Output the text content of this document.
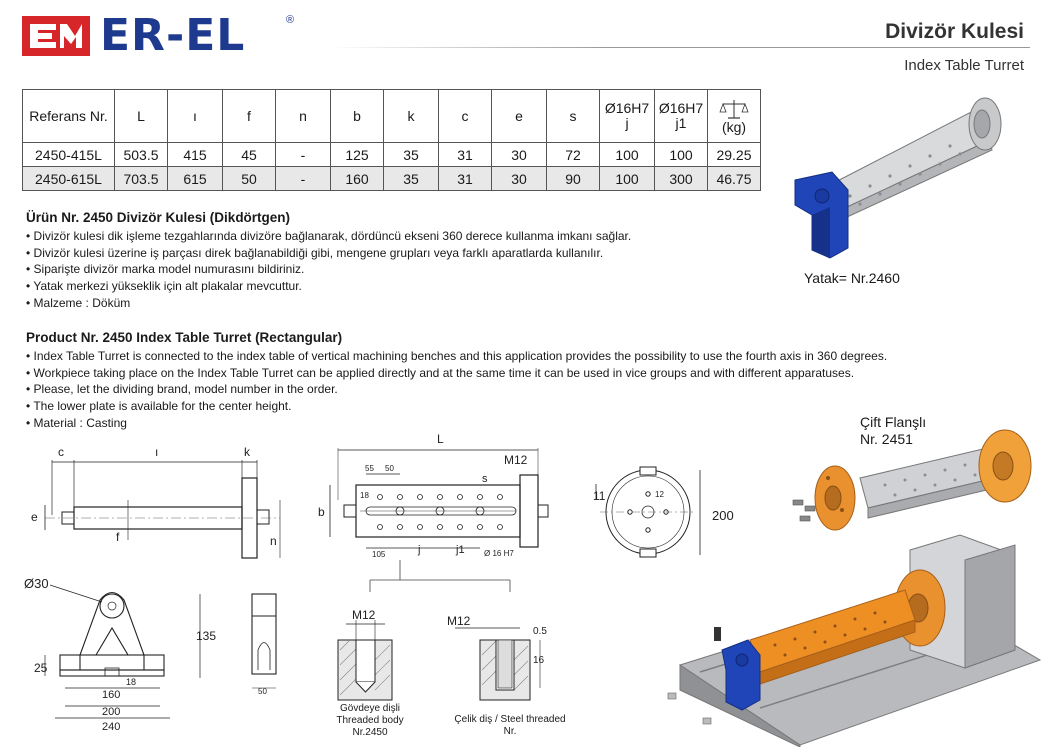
ER-EL	®	Divizör Kulesi
Index Table Turret
Referans Nr.	L	ı	f	n	b	k	c	e	s	Ø16H7 j	Ø16H7 j1	(kg)
2450-415L	503.5	415	45	-	125	35	31	30	72	100	100	29.25
2450-615L	703.5	615	50	-	160	35	31	30	90	100	300	46.75
Ürün Nr. 2450 Divizör Kulesi (Dikdörtgen)
• Divizör kulesi dik işleme tezgahlarında divizöre bağlanarak, dördüncü ekseni 360 derece kullanma imkanı sağlar.
• Divizör kulesi üzerine iş parçası direk bağlanabildiği gibi, mengene grupları veya farklı aparatlarda kullanılır.
• Siparişte divizör marka model numurasını bildiriniz.
• Yatak merkezi yükseklik için alt plakalar mevcuttur.
• Malzeme : Döküm
Product Nr. 2450 Index Table Turret (Rectangular)
• Index Table Turret is connected to the index table of vertical machining benches and this application provides the possibility to use the fourth axis in 360 degrees.
• Workpiece taking place on the Index Table Turret can be applied directly and at the same time it can be used in vice groups and with different apparatuses.
• Please, let the dividing brand, model number in the order.
• The lower plate is available for the center height.
• Material : Casting
Yatak= Nr.2460
Çift Flanşlı
Nr. 2451
Gövdeye dişli
Threaded body
Nr.2450
Çelik diş / Steel threaded
Nr.
c	ı	k
e
f	n
L
M12
b
s
55 50
18
105	j	j1 Ø 16 H7
11	12
200
Ø30
135
25
18
160
200
240
50
M12	M12
0.5
16
